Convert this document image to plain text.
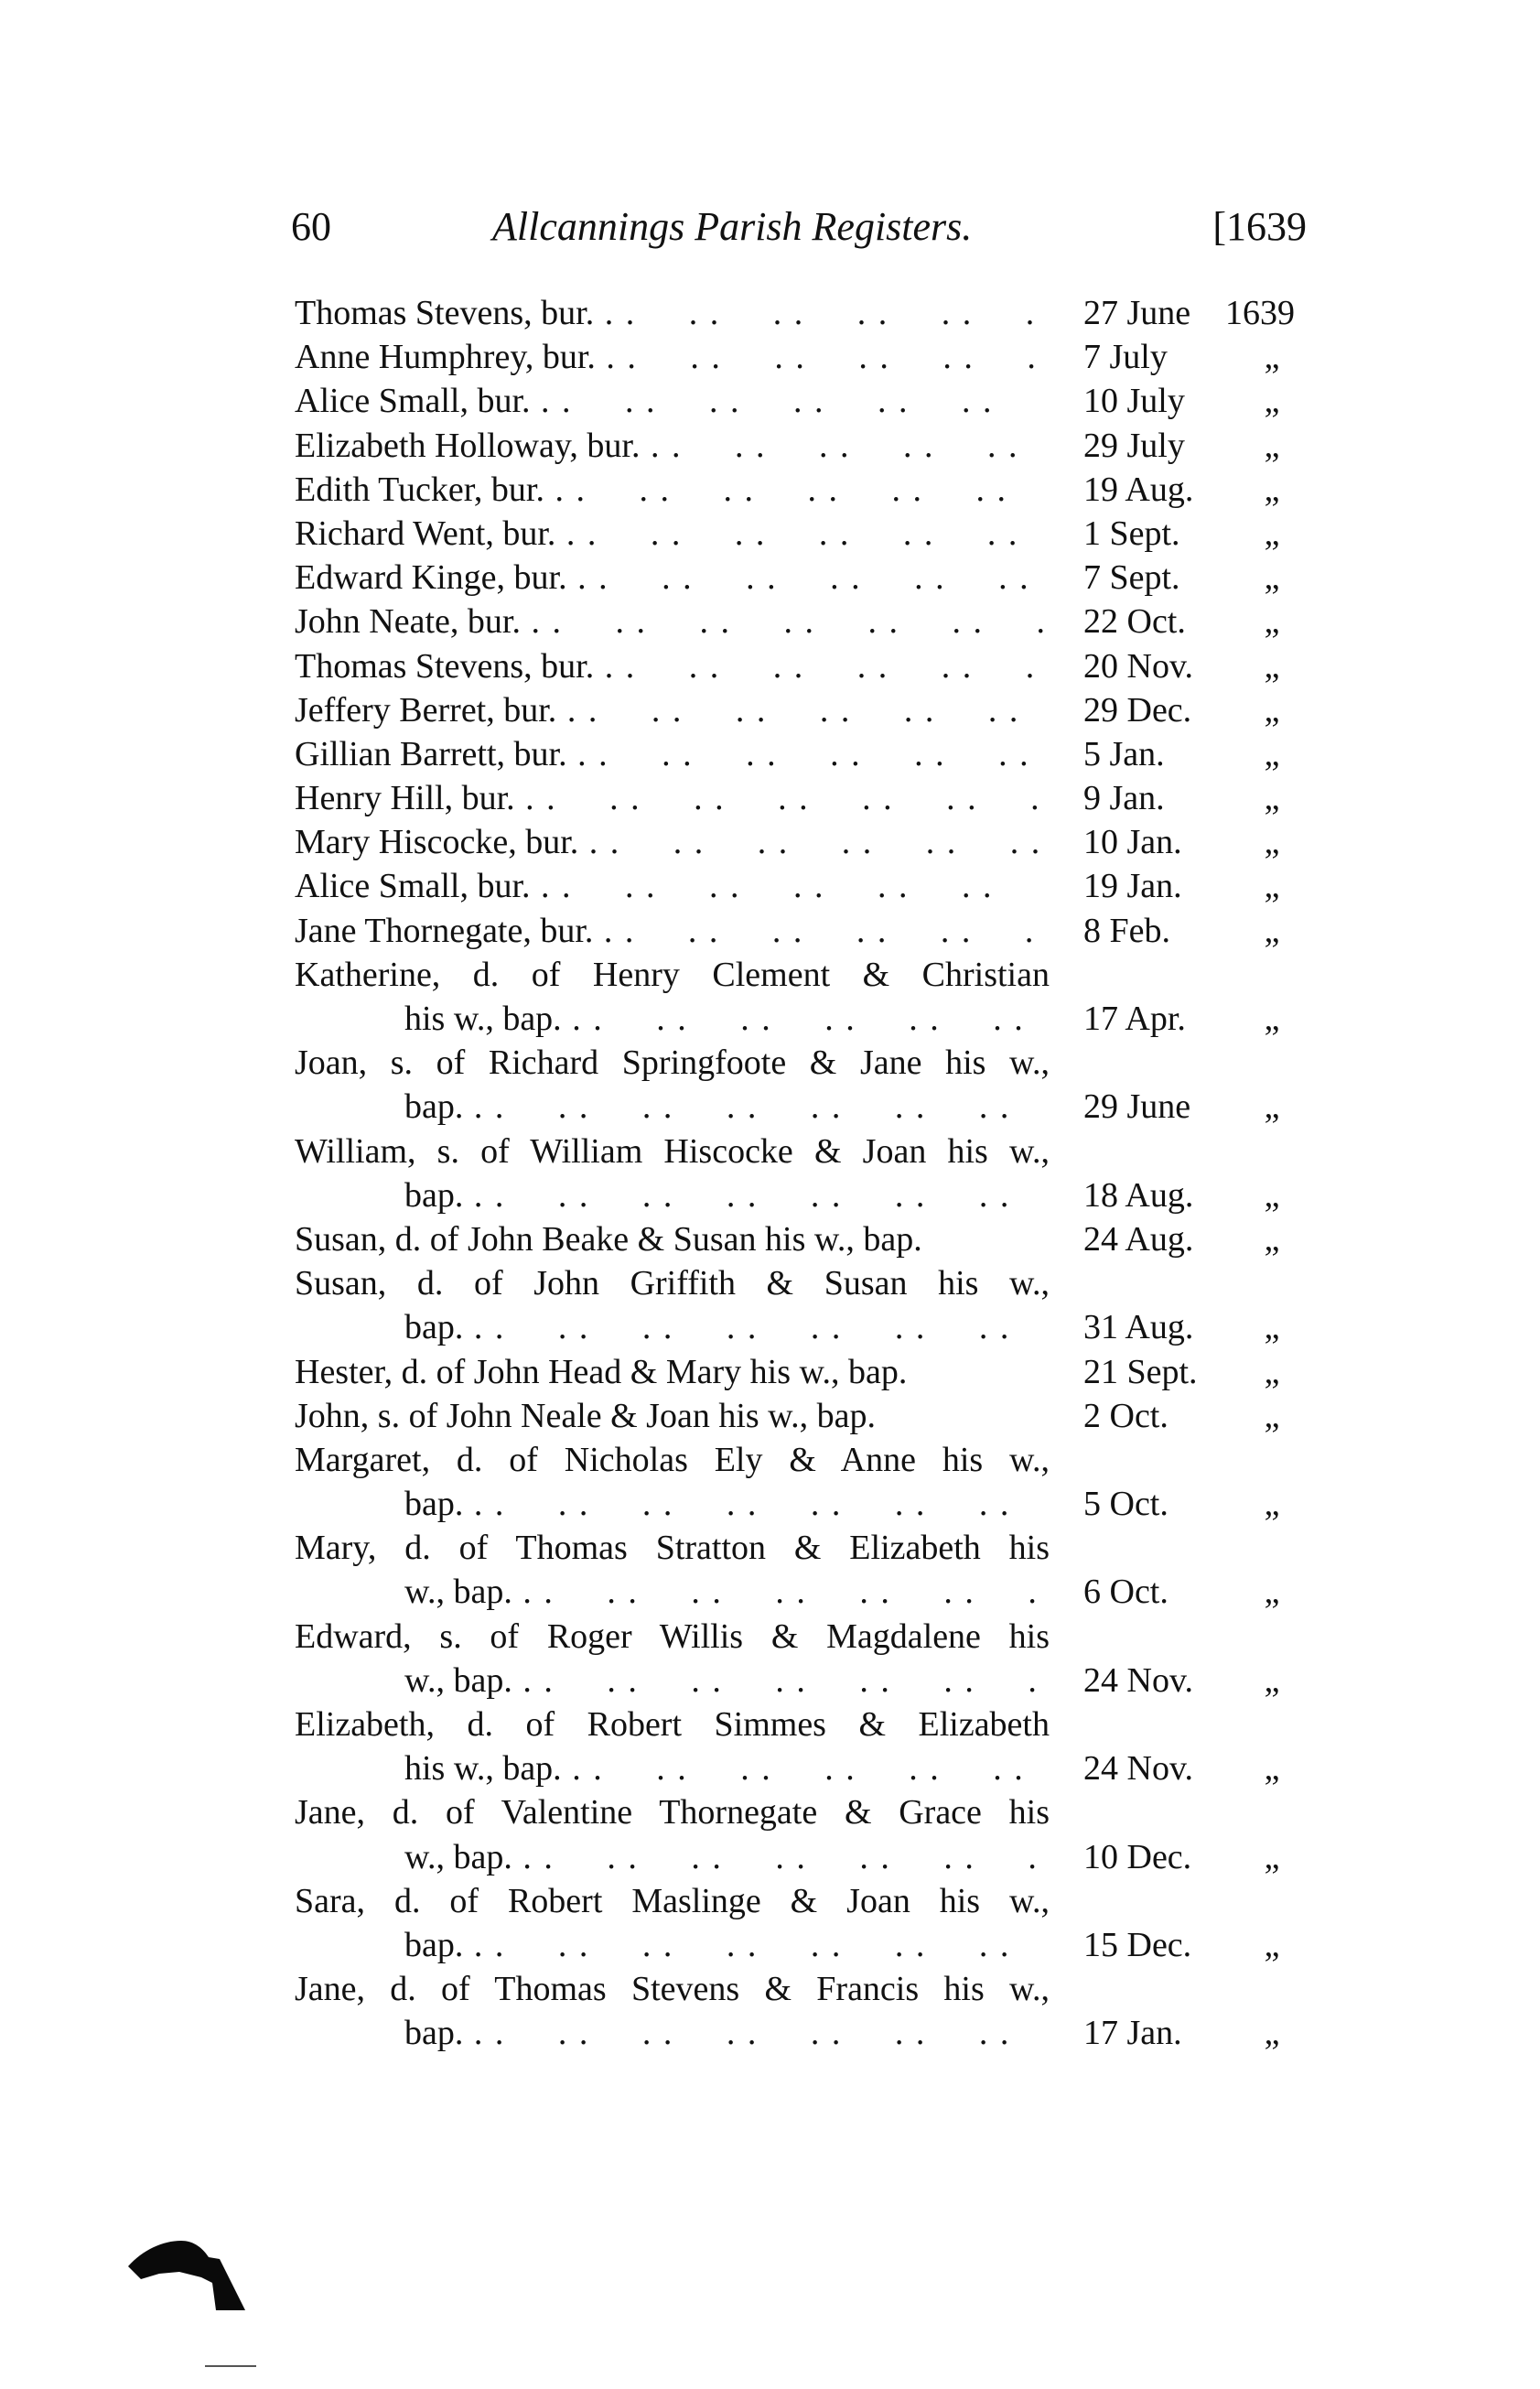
60	Allcannings Parish Registers.	[1639
Thomas Stevens, bur. . .	27 June 1639
Anne Humphrey, bur. . .	7 July	„
Alice Small, bur. . .	10 July	„
Elizabeth Holloway, bur. . .	29 July	„
Edith Tucker, bur. . .	19 Aug.	„
Richard Went, bur. . .	1 Sept.	„
Edward Kinge, bur. . .	7 Sept.	„
John Neate, bur. . .	22 Oct.	„
Thomas Stevens, bur. . .	20 Nov.	„
Jeffery Berret, bur. . .	29 Dec.	„
Gillian Barrett, bur. . .	5 Jan.	„
Henry Hill, bur. . .	9 Jan.	„
Mary Hiscocke, bur. . .	10 Jan.	„
Alice Small, bur. . .	19 Jan.	„
Jane Thornegate, bur. . .	8 Feb.	„
Katherine, d. of Henry Clement & Christian
his w., bap. . .	17 Apr.	„
Joan, s. of Richard Springfoote & Jane his w.,
bap. . .	29 June	„
William, s. of William Hiscocke & Joan his w.,
bap. . .	18 Aug.	„
Susan, d. of John Beake & Susan his w., bap.	24 Aug.	„
Susan, d. of John Griffith & Susan his w.,
bap. . .	31 Aug.	„
Hester, d. of John Head & Mary his w., bap.	21 Sept.	„
John, s. of John Neale & Joan his w., bap.	2 Oct.	„
Margaret, d. of Nicholas Ely & Anne his w.,
bap. . .	5 Oct.	„
Mary, d. of Thomas Stratton & Elizabeth his
w., bap. . .	6 Oct.	„
Edward, s. of Roger Willis & Magdalene his
w., bap. . .	24 Nov.	„
Elizabeth, d. of Robert Simmes & Elizabeth
his w., bap. . .	24 Nov.	„
Jane, d. of Valentine Thornegate & Grace his
w., bap. . .	10 Dec.	„
Sara, d. of Robert Maslinge & Joan his w.,
bap. . .	15 Dec.	„
Jane, d. of Thomas Stevens & Francis his w.,
bap. . .	17 Jan.	„
